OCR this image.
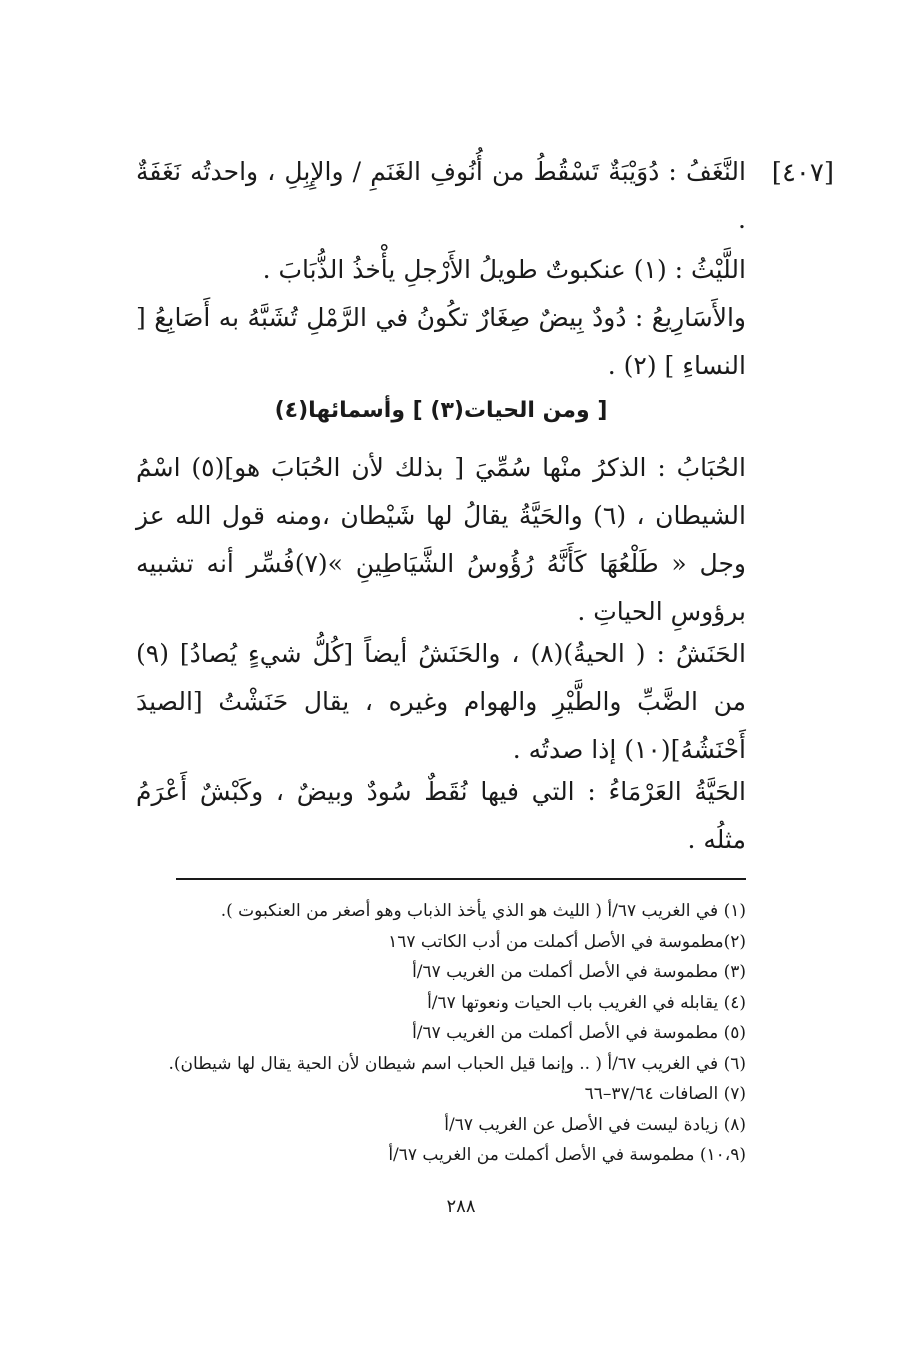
[٤٠٧]

النَّغَفُ : دُوَيْبَةٌ تَسْقُطُ من أُنُوفِ الغَنَمِ / والإِبِلِ ، واحدتُه نَغَفَةٌ .

اللَّيْثُ : (١) عنكبوتٌ طويلُ الأَرْجلِ يأْخذُ الذُّبَابَ .

والأَسَارِيعُ : دُودٌ بِيضٌ صِغَارٌ تكُونُ في الرَّمْلِ تُشَبَّهُ به أَصَابِعُ [ النساءِ ] (٢) .

[ ومن الحيات(٣) ] وأسمائها(٤)

الحُبَابُ : الذكرُ منْها سُمِّيَ [ بذلك لأن الحُبَابَ هو](٥) اسْمُ الشيطان ، (٦) والحَيَّةُ يقالُ لها شَيْطان ،ومنه قول الله عز وجل « طَلْعُهَا كَأَنَّهُ رُؤُوسُ الشَّيَاطِينِ »(٧)فُسِّر أنه تشبيه برؤوسِ الحياتِ .

الحَنَشُ : ( الحيةُ)(٨) ، والحَنَشُ أيضاً [كُلُّ شيءٍ يُصادُ] (٩) من الضَّبِّ والطَّيْرِ والهوام وغيره ، يقال حَنَشْتُ [الصيدَ أَحْنَشُهُ](١٠) إذا صدتُه .

الحَيَّةُ العَرْمَاءُ : التي فيها نُقَطٌ سُودٌ وبيضٌ ، وكَبْشٌ أَعْرَمُ مثلُه .

(١) في الغريب ٦٧/أ ( الليث هو الذي يأخذ الذباب وهو أصغر من العنكبوت ).
(٢)مطموسة في الأصل أكملت من أدب الكاتب ١٦٧
(٣) مطموسة في الأصل أكملت من الغريب ٦٧/أ
(٤) يقابله في الغريب باب الحيات ونعوتها ٦٧/أ
(٥) مطموسة في الأصل أكملت من الغريب ٦٧/أ
(٦) في الغريب ٦٧/أ ( .. وإنما قيل الحباب اسم شيطان لأن الحية يقال لها شيطان).
(٧) الصافات ٣٧/٦٤–٦٦
(٨) زيادة ليست في الأصل عن الغريب ٦٧/أ
(١٠،٩) مطموسة في الأصل أكملت من الغريب ٦٧/أ
٢٨٨
